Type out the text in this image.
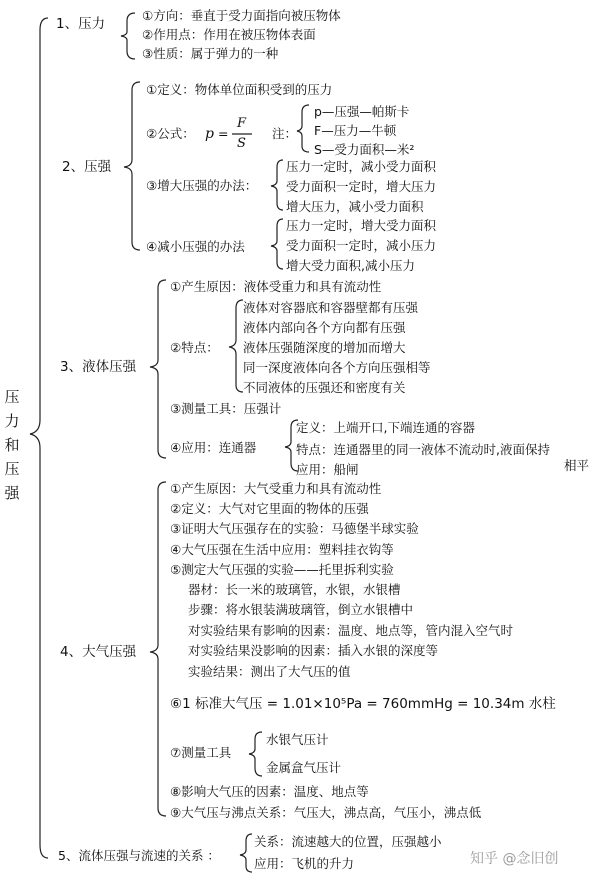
压
力
和
压
强
1、压力
①方向：垂直于受力面指向被压物体
②作用点：作用在被压物体表面
③性质：属于弹力的一种
2、压强
①定义：物体单位面积受到的压力
②公式： p =
F
S
注：
p—压强—帕斯卡
F—压力—牛顿
S—受力面积—米²
③增大压强的办法：
压力一定时，减小受力面积
受力面积一定时，增大压力
增大压力，减小受力面积
④减小压强的办法
压力一定时，增大受力面积
受力面积一定时，减小压力
增大受力面积,减小压力
3、液体压强
①产生原因：液体受重力和具有流动性
②特点：
液体对容器底和容器壁都有压强
液体内部向各个方向都有压强
液体压强随深度的增加而增大
同一深度液体向各个方向压强相等
不同液体的压强还和密度有关
③测量工具：压强计
④应用：连通器
定义：上端开口,下端连通的容器
特点：连通器里的同一液体不流动时,液面保持
相平
应用：船闸
4、大气压强
①产生原因：大气受重力和具有流动性
②定义：大气对它里面的物体的压强
③证明大气压强存在的实验：马德堡半球实验
④大气压强在生活中应用：塑料挂衣钩等
⑤测定大气压强的实验——托里拆利实验
器材：长一米的玻璃管，水银，水银槽
步骤：将水银装满玻璃管，倒立水银槽中
对实验结果有影响的因素：温度、地点等，管内混入空气时
对实验结果没影响的因素：插入水银的深度等
实验结果：测出了大气压的值
⑥1 标准大气压 = 1.01×10⁵Pa = 760mmHg = 10.34m 水柱
⑦测量工具
水银气压计
金属盒气压计
⑧影响大气压的因素：温度、地点等
⑨大气压与沸点关系：气压大，沸点高，气压小，沸点低
5、流体压强与流速的关系 ：
关系：流速越大的位置，压强越小
应用：飞机的升力	知乎 @念旧创
